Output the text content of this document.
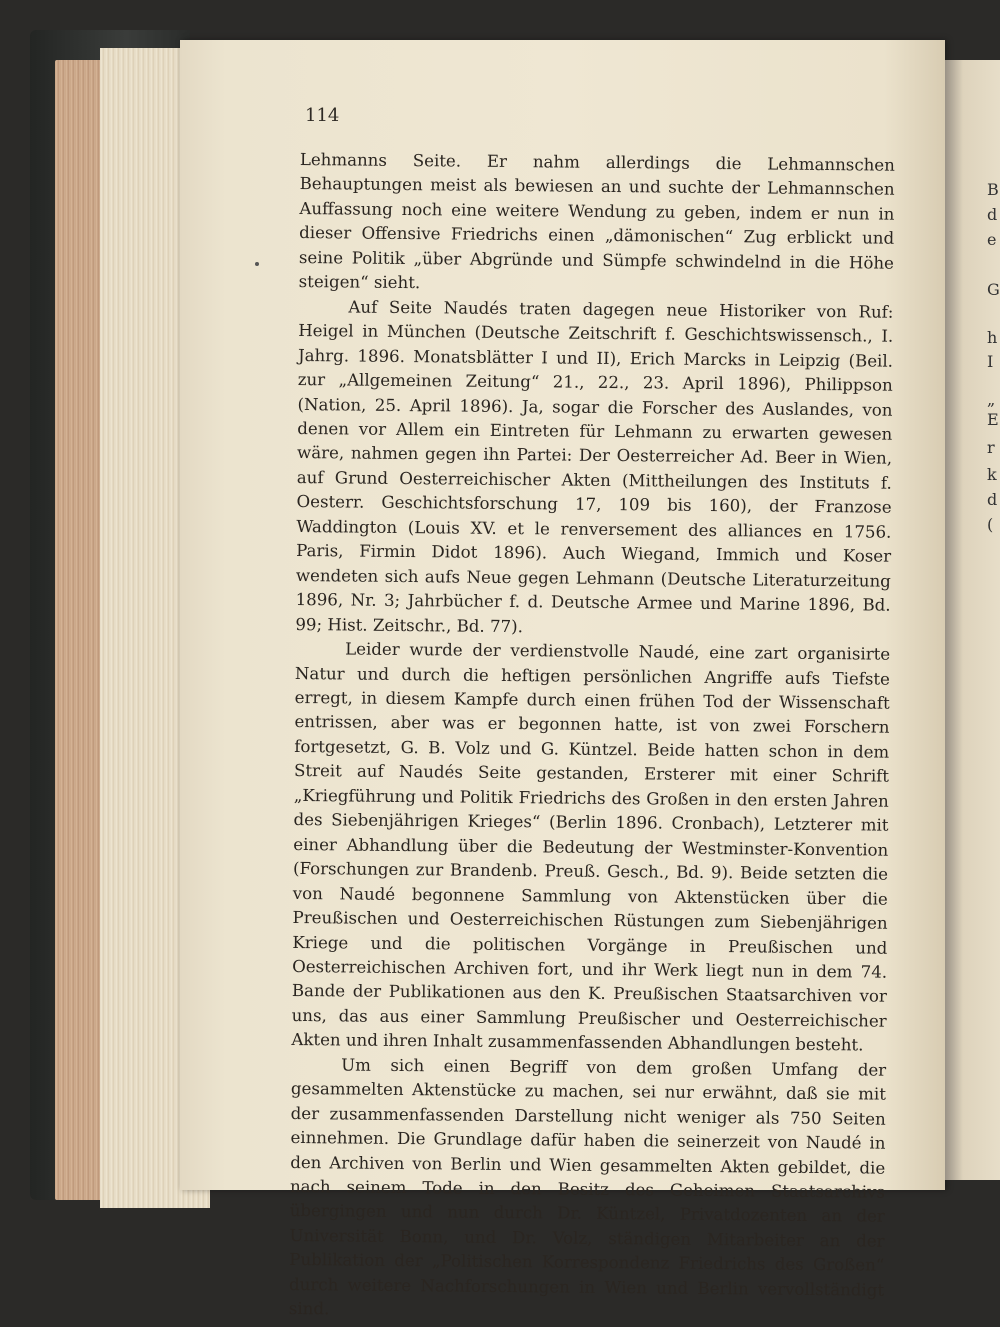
B
d
e
G
h
I
„
E
r
k
d
(
114

Lehmanns Seite. Er nahm allerdings die Lehmannschen Behauptungen meist als bewiesen an und suchte der Lehmannschen Auffassung noch eine weitere Wendung zu geben, indem er nun in dieser Offensive Friedrichs einen „dämonischen“ Zug erblickt und seine Politik „über Abgründe und Sümpfe schwindelnd in die Höhe steigen“ sieht.

Auf Seite Naudés traten dagegen neue Historiker von Ruf: Heigel in München (Deutsche Zeitschrift f. Geschichtswissensch., I. Jahrg. 1896. Monatsblätter I und II), Erich Marcks in Leipzig (Beil. zur „Allgemeinen Zeitung“ 21., 22., 23. April 1896), Philippson (Nation, 25. April 1896). Ja, sogar die Forscher des Auslandes, von denen vor Allem ein Eintreten für Lehmann zu erwarten gewesen wäre, nahmen gegen ihn Partei: Der Oesterreicher Ad. Beer in Wien, auf Grund Oesterreichischer Akten (Mittheilungen des Instituts f. Oesterr. Geschichtsforschung 17, 109 bis 160), der Franzose Waddington (Louis XV. et le renversement des alliances en 1756. Paris, Firmin Didot 1896). Auch Wiegand, Immich und Koser wendeten sich aufs Neue gegen Lehmann (Deutsche Literaturzeitung 1896, Nr. 3; Jahrbücher f. d. Deutsche Armee und Marine 1896, Bd. 99; Hist. Zeitschr., Bd. 77).

Leider wurde der verdienstvolle Naudé, eine zart organisirte Natur und durch die heftigen persönlichen Angriffe aufs Tiefste erregt, in diesem Kampfe durch einen frühen Tod der Wissenschaft entrissen, aber was er begonnen hatte, ist von zwei Forschern fortgesetzt, G. B. Volz und G. Küntzel. Beide hatten schon in dem Streit auf Naudés Seite gestanden, Ersterer mit einer Schrift „Kriegführung und Politik Friedrichs des Großen in den ersten Jahren des Siebenjährigen Krieges“ (Berlin 1896. Cronbach), Letzterer mit einer Abhandlung über die Bedeutung der Westminster-Konvention (Forschungen zur Brandenb. Preuß. Gesch., Bd. 9). Beide setzten die von Naudé begonnene Sammlung von Aktenstücken über die Preußischen und Oesterreichischen Rüstungen zum Siebenjährigen Kriege und die politischen Vorgänge in Preußischen und Oesterreichischen Archiven fort, und ihr Werk liegt nun in dem 74. Bande der Publikationen aus den K. Preußischen Staatsarchiven vor uns, das aus einer Sammlung Preußischer und Oesterreichischer Akten und ihren Inhalt zusammenfassenden Abhandlungen besteht.

Um sich einen Begriff von dem großen Umfang der gesammelten Aktenstücke zu machen, sei nur erwähnt, daß sie mit der zusammenfassenden Darstellung nicht weniger als 750 Seiten einnehmen. Die Grundlage dafür haben die seinerzeit von Naudé in den Archiven von Berlin und Wien gesammelten Akten gebildet, die nach seinem Tode in den Besitz des Geheimen Staatsarchivs übergingen und nun durch Dr. Küntzel, Privatdozenten an der Universität Bonn, und Dr. Volz, ständigen Mitarbeiter an der Publikation der „Politischen Korrespondenz Friedrichs des Großen“ durch weitere Nachforschungen in Wien und Berlin vervollständigt sind.
